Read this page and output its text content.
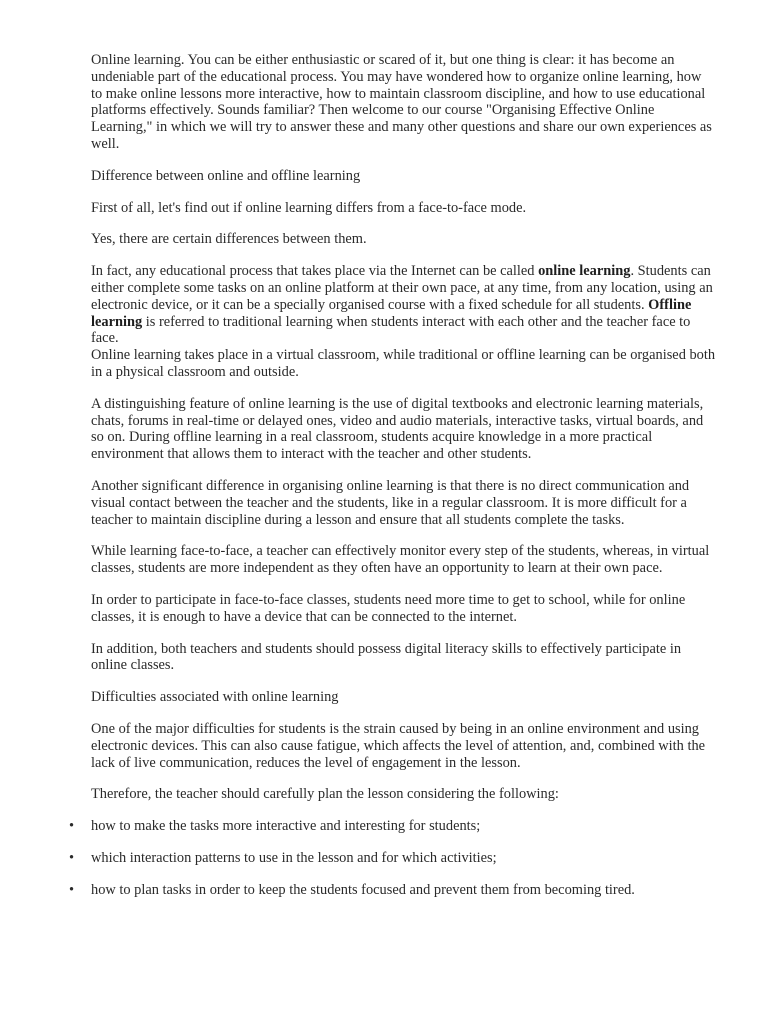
Online learning. You can be either enthusiastic or scared of it, but one thing is clear: it has become an undeniable part of the educational process. You may have wondered how to organize online learning, how to make online lessons more interactive, how to maintain classroom discipline, and how to use educational platforms effectively. Sounds familiar? Then welcome to our course "Organising Effective Online Learning," in which we will try to answer these and many other questions and share our own experiences as well.

Difference between online and offline learning

First of all, let's find out if online learning differs from a face-to-face mode.

Yes, there are certain differences between them.

In fact, any educational process that takes place via the Internet can be called online learning. Students can either complete some tasks on an online platform at their own pace, at any time, from any location, using an electronic device, or it can be a specially organised course with a fixed schedule for all students. Offline learning is referred to traditional learning when students interact with each other and the teacher face to face.

Online learning takes place in a virtual classroom, while traditional or offline learning can be organised both in a physical classroom and outside.

A distinguishing feature of online learning is the use of digital textbooks and electronic learning materials, chats, forums in real-time or delayed ones, video and audio materials, interactive tasks, virtual boards, and so on. During offline learning in a real classroom, students acquire knowledge in a more practical environment that allows them to interact with the teacher and other students.

Another significant difference in organising online learning is that there is no direct communication and visual contact between the teacher and the students, like in a regular classroom. It is more difficult for a teacher to maintain discipline during a lesson and ensure that all students complete the tasks.

While learning face-to-face, a teacher can effectively monitor every step of the students, whereas, in virtual classes, students are more independent as they often have an opportunity to learn at their own pace.

In order to participate in face-to-face classes, students need more time to get to school, while for online classes, it is enough to have a device that can be connected to the internet.

In addition, both teachers and students should possess digital literacy skills to effectively participate in online classes.

Difficulties associated with online learning

One of the major difficulties for students is the strain caused by being in an online environment and using electronic devices. This can also cause fatigue, which affects the level of attention, and, combined with the lack of live communication, reduces the level of engagement in the lesson.

Therefore, the teacher should carefully plan the lesson considering the following:

• how to make the tasks more interactive and interesting for students;
• which interaction patterns to use in the lesson and for which activities;
• how to plan tasks in order to keep the students focused and prevent them from becoming tired.
